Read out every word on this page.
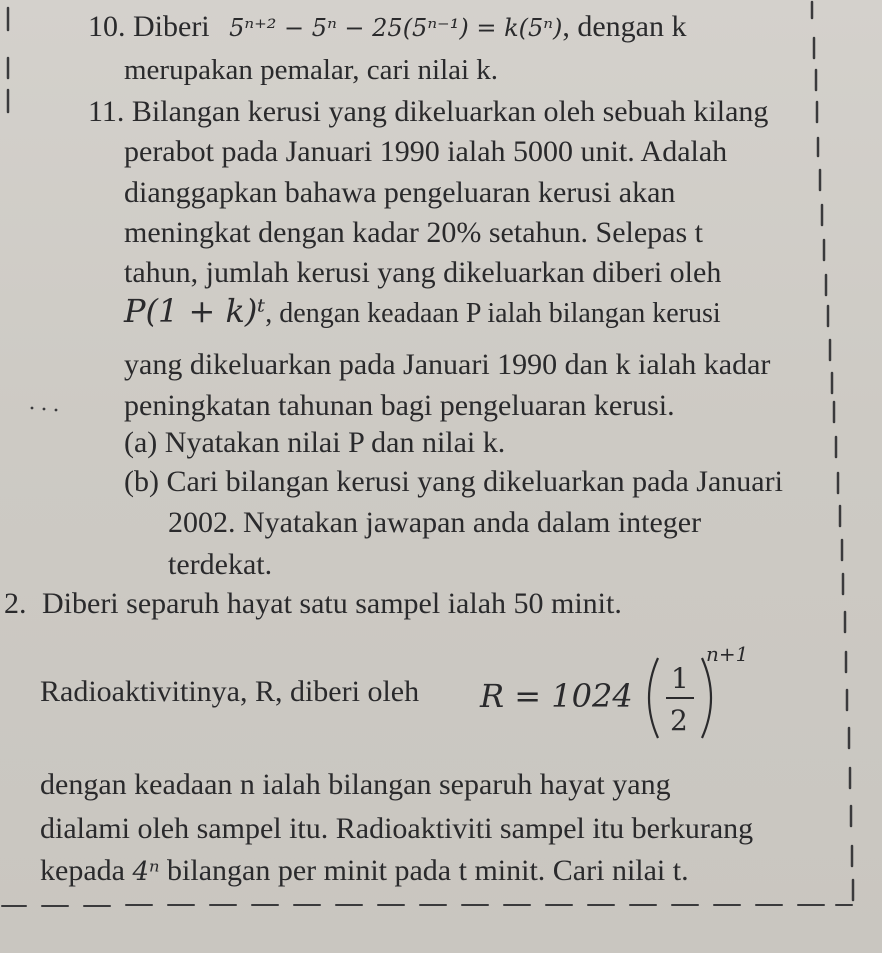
10. Diberi 5ⁿ⁺² − 5ⁿ − 25(5ⁿ⁻¹) = k(5ⁿ), dengan k
merupakan pemalar, cari nilai k.
11. Bilangan kerusi yang dikeluarkan oleh sebuah kilang
perabot pada Januari 1990 ialah 5000 unit. Adalah
dianggapkan bahawa pengeluaran kerusi akan
meningkat dengan kadar 20% setahun. Selepas t
tahun, jumlah kerusi yang dikeluarkan diberi oleh
P(1 + k)ᵗ, dengan keadaan P ialah bilangan kerusi
yang dikeluarkan pada Januari 1990 dan k ialah kadar
peningkatan tahunan bagi pengeluaran kerusi.
(a) Nyatakan nilai P dan nilai k.
(b) Cari bilangan kerusi yang dikeluarkan pada Januari
2002. Nyatakan jawapan anda dalam integer
terdekat.
2. Diberi separuh hayat satu sampel ialah 50 minit.
Radioaktivitinya, R, diberi oleh R = 1024 1
2
n+1
dengan keadaan n ialah bilangan separuh hayat yang
dialami oleh sampel itu. Radioaktiviti sampel itu berkurang
kepada 4ⁿ bilangan per minit pada t minit. Cari nilai t.
